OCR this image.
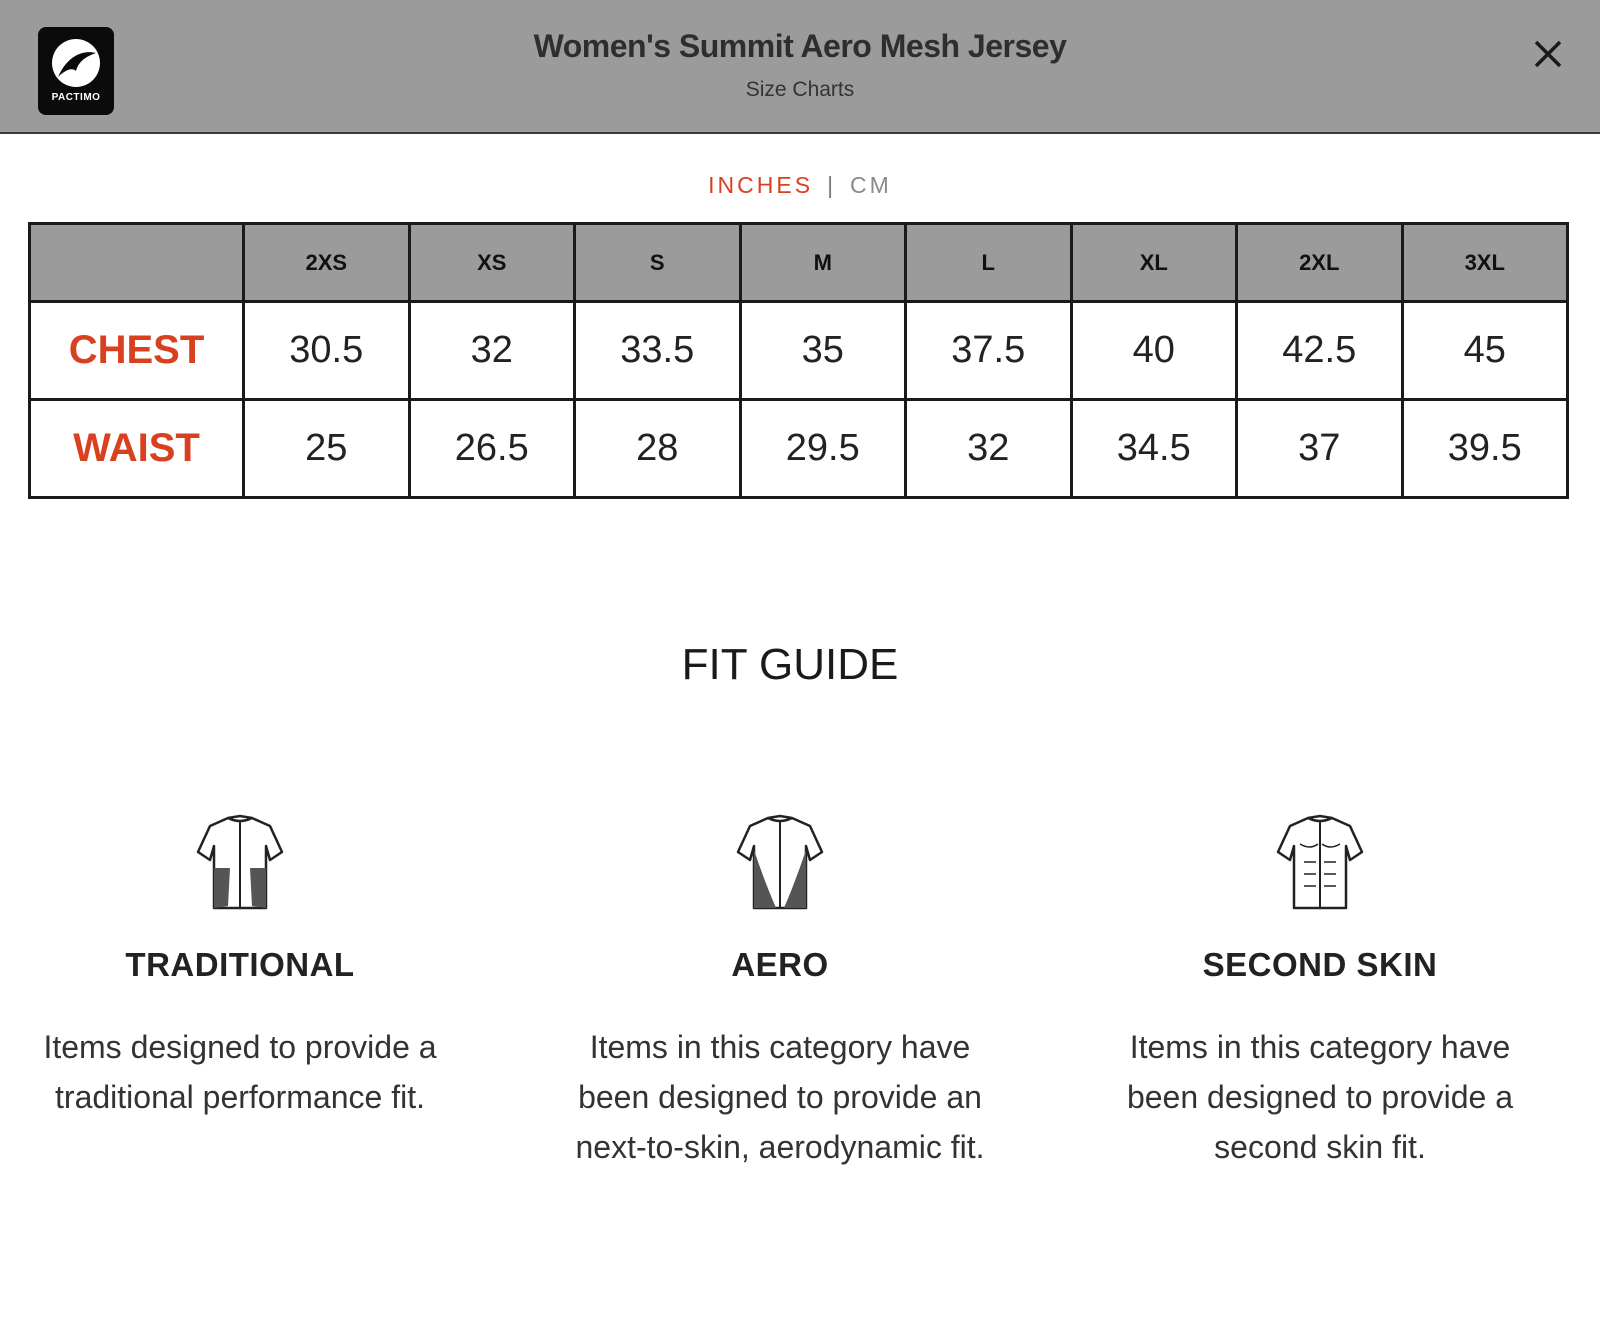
PACTIMO
Women's Summit Aero Mesh Jersey
Size Charts
INCHES | CM
	2XS	XS	S	M	L	XL	2XL	3XL
CHEST	30.5	32	33.5	35	37.5	40	42.5	45
WAIST	25	26.5	28	29.5	32	34.5	37	39.5
FIT GUIDE
TRADITIONAL
Items designed to provide a traditional performance fit.
AERO
Items in this category have been designed to provide an next-to-skin, aerodynamic fit.
SECOND SKIN
Items in this category have been designed to provide a second skin fit.
